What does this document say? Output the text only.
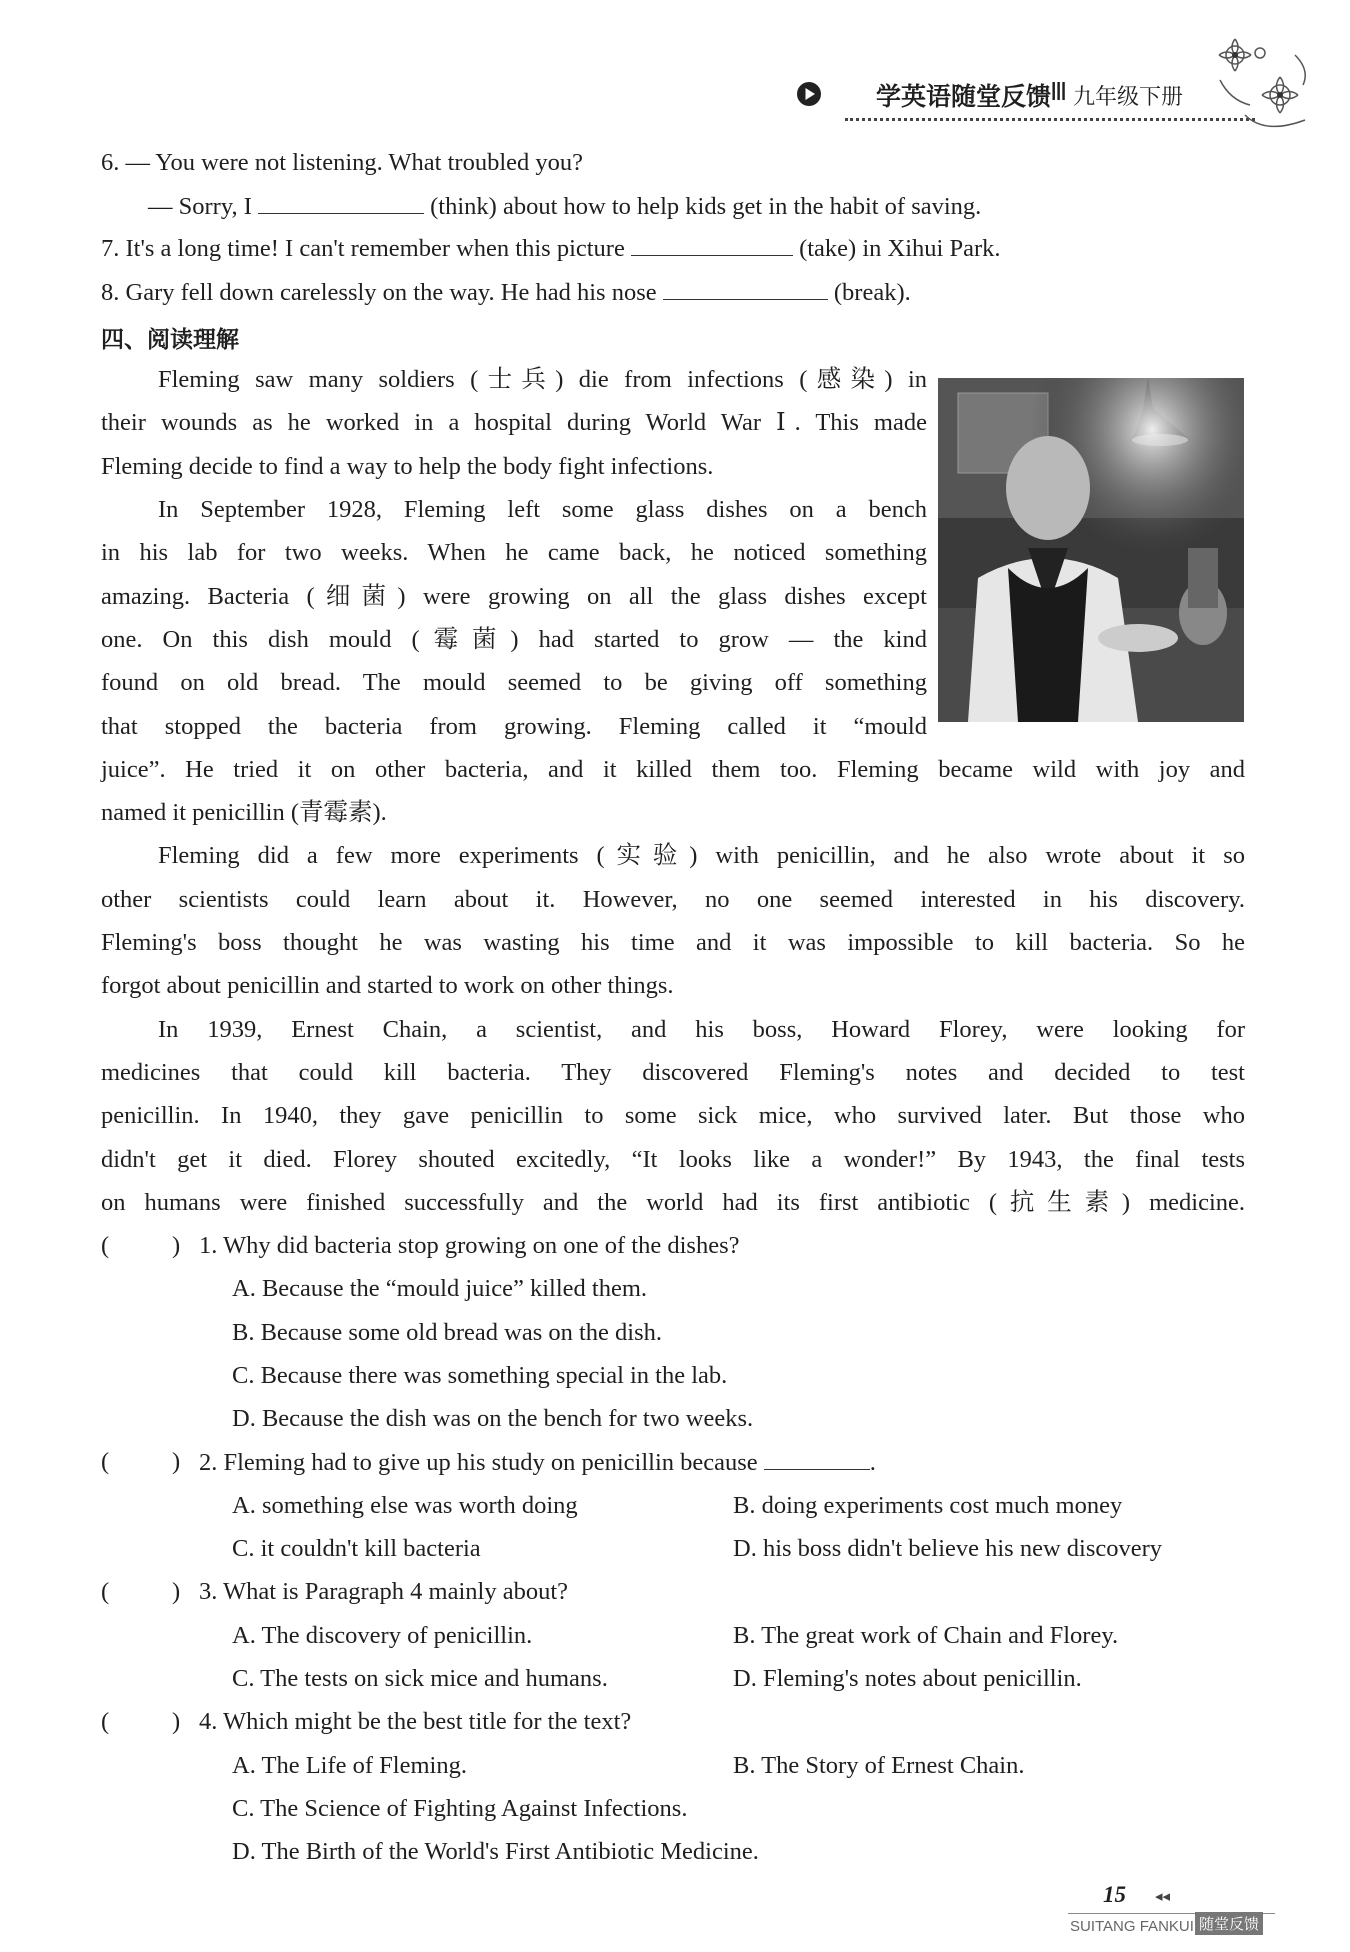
学英语随堂反馈
Ⅲ 九年级下册
6. — You were not listening. What troubled you?
— Sorry, I	(think) about how to help kids get in the habit of saving.
7. It's a long time! I can't remember when this picture	(take) in Xihui Park.
8. Gary fell down carelessly on the way. He had his nose	(break).
四、阅读理解
Fleming saw many soldiers (士兵) die from infections (感染) in
their wounds as he worked in a hospital during World War Ⅰ. This made
Fleming decide to find a way to help the body fight infections.
In September 1928, Fleming left some glass dishes on a bench
in his lab for two weeks. When he came back, he noticed something
amazing. Bacteria (细菌) were growing on all the glass dishes except
one. On this dish mould (霉菌) had started to grow — the kind
found on old bread. The mould seemed to be giving off something
that stopped the bacteria from growing. Fleming called it “mould
juice”. He tried it on other bacteria, and it killed them too. Fleming became wild with joy and
named it penicillin (青霉素).
Fleming did a few more experiments (实验) with penicillin, and he also wrote about it so
other scientists could learn about it. However, no one seemed interested in his discovery.
Fleming's boss thought he was wasting his time and it was impossible to kill bacteria. So he
forgot about penicillin and started to work on other things.
In 1939, Ernest Chain, a scientist, and his boss, Howard Florey, were looking for
medicines that could kill bacteria. They discovered Fleming's notes and decided to test
penicillin. In 1940, they gave penicillin to some sick mice, who survived later. But those who
didn't get it died. Florey shouted excitedly, “It looks like a wonder!” By 1943, the final tests
on humans were finished successfully and the world had its first antibiotic (抗生素) medicine.
(	) 1. Why did bacteria stop growing on one of the dishes?
A. Because the “mould juice” killed them.
B. Because some old bread was on the dish.
C. Because there was something special in the lab.
D. Because the dish was on the bench for two weeks.
(	) 2. Fleming had to give up his study on penicillin because	.
A. something else was worth doing	B. doing experiments cost much money
C. it couldn't kill bacteria	D. his boss didn't believe his new discovery
(	) 3. What is Paragraph 4 mainly about?
A. The discovery of penicillin.	B. The great work of Chain and Florey.
C. The tests on sick mice and humans.	D. Fleming's notes about penicillin.
(	) 4. Which might be the best title for the text?
A. The Life of Fleming.	B. The Story of Ernest Chain.
C. The Science of Fighting Against Infections.
D. The Birth of the World's First Antibiotic Medicine.
15 ◂◂
SUITANG FANKUI 随堂反馈
